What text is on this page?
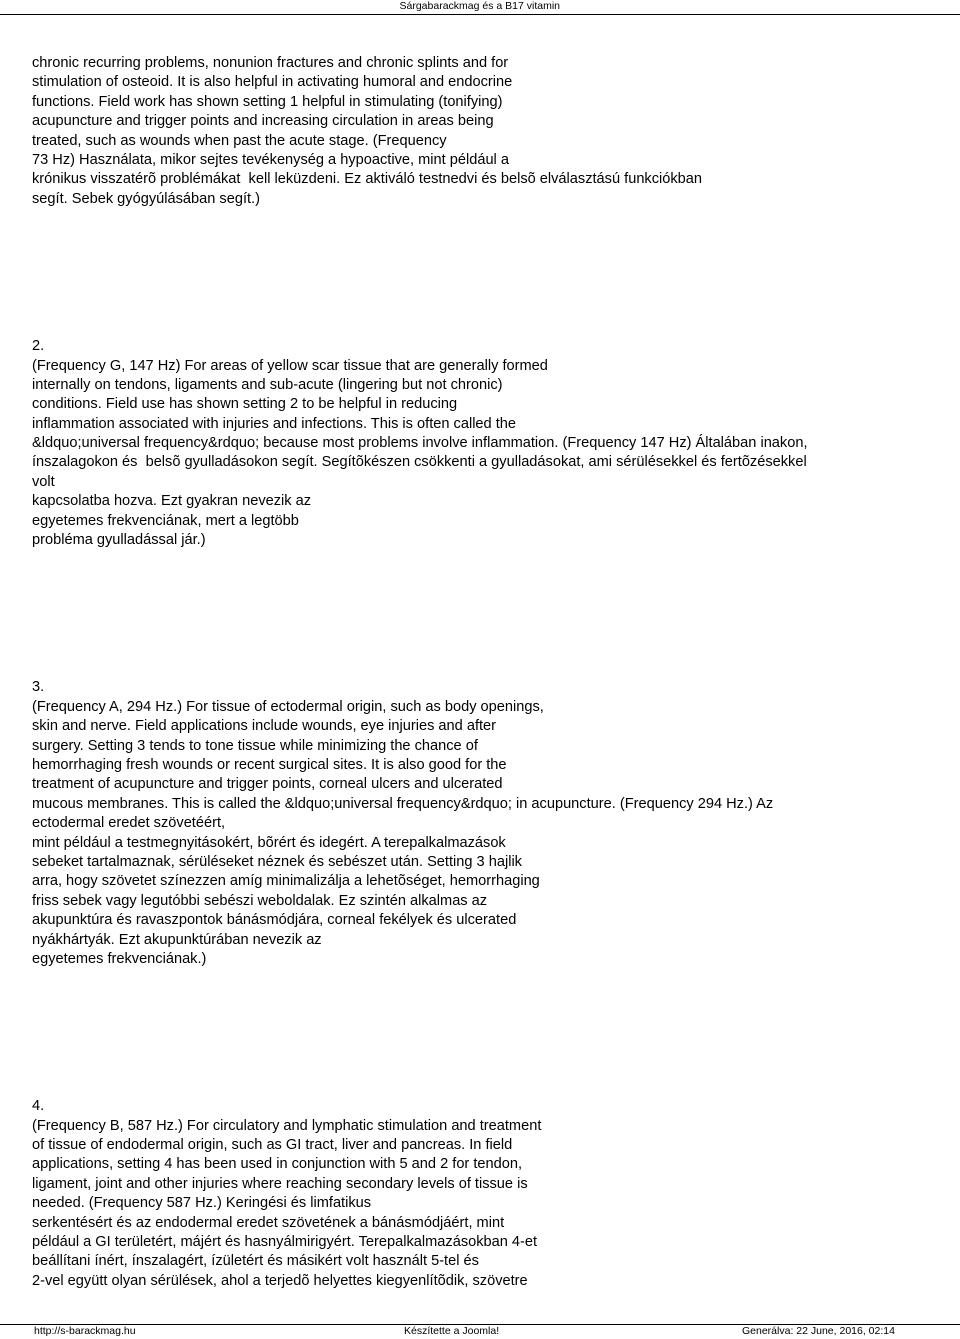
Sárgabarackmag és a B17 vitamin
chronic recurring problems, nonunion fractures and chronic splints and for
stimulation of osteoid. It is also helpful in activating humoral and endocrine
functions. Field work has shown setting 1 helpful in stimulating (tonifying)
acupuncture and trigger points and increasing circulation in areas being
treated, such as wounds when past the acute stage. (Frequency
73 Hz) Használata, mikor sejtes tevékenység a hypoactive, mint például a
krónikus visszatérõ problémákat  kell leküzdeni. Ez aktiváló testnedvi és belsõ elválasztású funkciókban
segít. Sebek gyógyúlásában segít.)
2.
(Frequency G, 147 Hz) For areas of yellow scar tissue that are generally formed
internally on tendons, ligaments and sub-acute (lingering but not chronic)
conditions. Field use has shown setting 2 to be helpful in reducing
inflammation associated with injuries and infections. This is often called the
&ldquo;universal frequency&rdquo; because most problems involve inflammation. (Frequency 147 Hz) Általában inakon,
ínszalagokon és  belsõ gyulladásokon segít. Segítõkészen csökkenti a gyulladásokat, ami sérülésekkel és fertõzésekkel
volt
kapcsolatba hozva. Ezt gyakran nevezik az
egyetemes frekvenciának, mert a legtöbb
probléma gyulladással jár.)
3.
(Frequency A, 294 Hz.) For tissue of ectodermal origin, such as body openings,
skin and nerve. Field applications include wounds, eye injuries and after
surgery. Setting 3 tends to tone tissue while minimizing the chance of
hemorrhaging fresh wounds or recent surgical sites. It is also good for the
treatment of acupuncture and trigger points, corneal ulcers and ulcerated
mucous membranes. This is called the &ldquo;universal frequency&rdquo; in acupuncture. (Frequency 294 Hz.) Az
ectodermal eredet szövetéért,
mint például a testmegnyitásokért, bõrért és idegért. A terepalkalmazások
sebeket tartalmaznak, sérüléseket néznek és sebészet után. Setting 3 hajlik
arra, hogy szövetet színezzen amíg minimalizálja a lehetõséget, hemorrhaging
friss sebek vagy legutóbbi sebészi weboldalak. Ez szintén alkalmas az
akupunktúra és ravaszpontok bánásmódjára, corneal fekélyek és ulcerated
nyákhártyák. Ezt akupunktúrában nevezik az
egyetemes frekvenciának.)
4.
(Frequency B, 587 Hz.) For circulatory and lymphatic stimulation and treatment
of tissue of endodermal origin, such as GI tract, liver and pancreas. In field
applications, setting 4 has been used in conjunction with 5 and 2 for tendon,
ligament, joint and other injuries where reaching secondary levels of tissue is
needed. (Frequency 587 Hz.) Keringési és limfatikus
serkentésért és az endodermal eredet szövetének a bánásmódjáért, mint
például a GI területért, májért és hasnyálmirigyért. Terepalkalmazásokban 4-et
beállítani ínért, ínszalagért, ízületért és másikért volt használt 5-tel és
2-vel együtt olyan sérülések, ahol a terjedõ helyettes kiegyenlítõdik, szövetre
http://s-barackmag.hu	Készítette a Joomla!	Generálva: 22 June, 2016, 02:14
